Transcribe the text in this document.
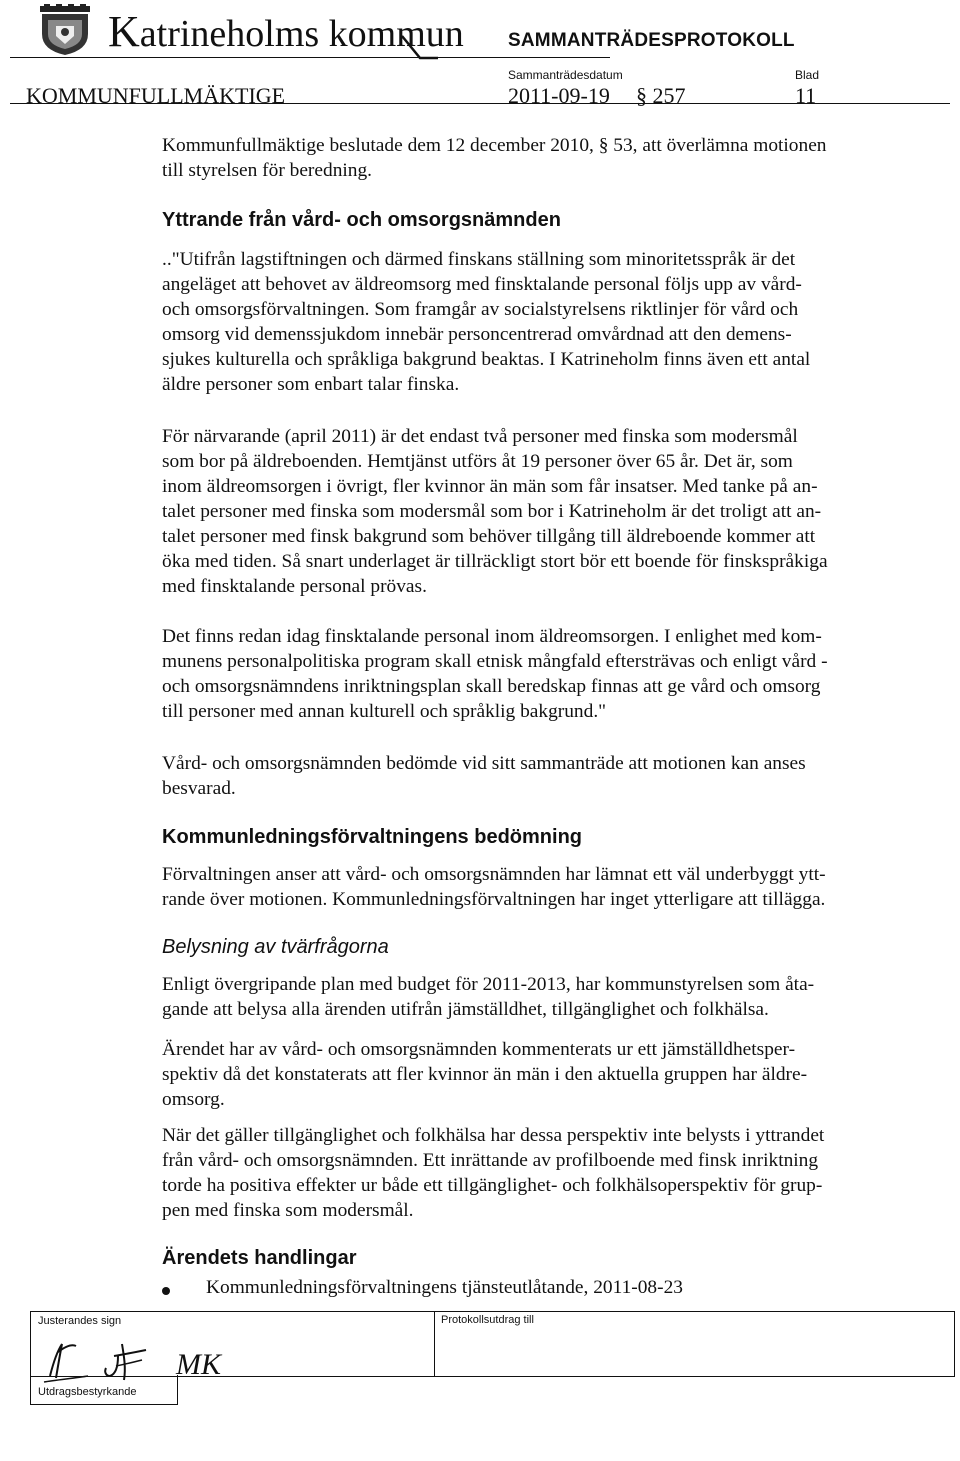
Katrineholms kommun SAMMANTRÄDESPROTOKOLL
Sammanträdesdatum	Blad
KOMMUNFULLMÄKTIGE	2011-09-19 § 257	11

Kommunfullmäktige beslutade dem 12 december 2010, § 53, att överlämna motionen
till styrelsen för beredning.

Yttrande från vård- och omsorgsnämnden

.."Utifrån lagstiftningen och därmed finskans ställning som minoritetsspråk är det
angeläget att behovet av äldreomsorg med finsktalande personal följs upp av vård-
och omsorgsförvaltningen. Som framgår av socialstyrelsens riktlinjer för vård och
omsorg vid demenssjukdom innebär personcentrerad omvårdnad att den demens-
sjukes kulturella och språkliga bakgrund beaktas. I Katrineholm finns även ett antal
äldre personer som enbart talar finska.

För närvarande (april 2011) är det endast två personer med finska som modersmål
som bor på äldreboenden. Hemtjänst utförs åt 19 personer över 65 år. Det är, som
inom äldreomsorgen i övrigt, fler kvinnor än män som får insatser. Med tanke på an-
talet personer med finska som modersmål som bor i Katrineholm är det troligt att an-
talet personer med finsk bakgrund som behöver tillgång till äldreboende kommer att
öka med tiden. Så snart underlaget är tillräckligt stort bör ett boende för finskspråkiga
med finsktalande personal prövas.

Det finns redan idag finsktalande personal inom äldreomsorgen. I enlighet med kom-
munens personalpolitiska program skall etnisk mångfald eftersträvas och enligt vård -
och omsorgsnämndens inriktningsplan skall beredskap finnas att ge vård och omsorg
till personer med annan kulturell och språklig bakgrund."

Vård- och omsorgsnämnden bedömde vid sitt sammanträde att motionen kan anses
besvarad.

Kommunledningsförvaltningens bedömning

Förvaltningen anser att vård- och omsorgsnämnden har lämnat ett väl underbyggt ytt-
rande över motionen. Kommunledningsförvaltningen har inget ytterligare att tillägga.

Belysning av tvärfrågorna

Enligt övergripande plan med budget för 2011-2013, har kommunstyrelsen som åta-
gande att belysa alla ärenden utifrån jämställdhet, tillgänglighet och folkhälsa.

Ärendet har av vård- och omsorgsnämnden kommenterats ur ett jämställdhetsper-
spektiv då det konstaterats att fler kvinnor än män i den aktuella gruppen har äldre-
omsorg.

När det gäller tillgänglighet och folkhälsa har dessa perspektiv inte belysts i yttrandet
från vård- och omsorgsnämnden. Ett inrättande av profilboende med finsk inriktning
torde ha positiva effekter ur både ett tillgänglighet- och folkhälsoperspektiv för grup-
pen med finska som modersmål.

Ärendets handlingar
Kommunledningsförvaltningens tjänsteutlåtande, 2011-08-23
Justerandes sign	Protokollsutdrag till
Utdragsbestyrkande
MK
